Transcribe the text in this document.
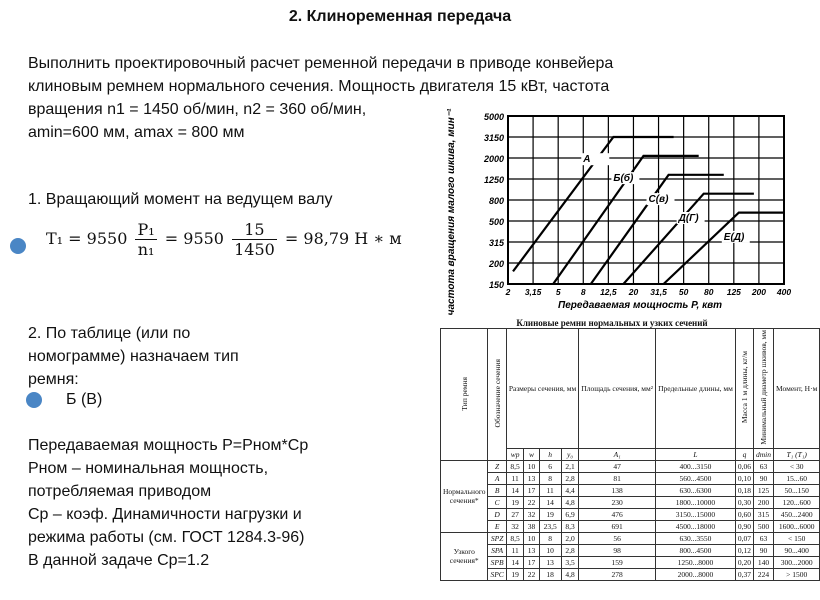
2. Клиноременная передача
Выполнить проектировочный расчет ременной передачи в приводе конвейера
клиновым ремнем нормального сечения. Мощность двигателя 15 кВт, частота
вращения n1 = 1450 об/мин, n2 = 360 об/мин,
amin=600 мм, amax = 800 мм	частота вращения малого шкива, мин⁻¹	Передаваемая мощность Р, квт
5000
3150
2000
1250
800
500
315
200
150
2 3,15 5 8 12,5 20 31,5 50 80 125 200 400
А
Б(б)
С(в)
Д(Г)
Е(Д)
1. Вращающий момент на ведущем валу
$T_1 = 9550 \frac{\text{P₁}}{\text{n₁}} = 9550 \frac{15}{1450} = 98,79$ Н ∗ м
2. По таблице (или по
номограмме) назначаем тип
ремня:
Б (В)
Передаваемая мощность Р=Рном*Ср
Рном – номинальная мощность,
потребляемая приводом
Ср – коэф. Динамичности нагрузки и
режима работы (см. ГОСТ 1284.3-96)
В данной задаче Ср=1.2
Клиновые ремни нормальных и узких сечений
Тип ремня	Обозначение сечения	Размеры сечения, мм				Площадь сечения, мм²	Предельные длины, мм	Масса 1 м длины, кг/м	Минимальный диаметр шкивов, мм	Момент, Н·м
		wp	w	h	y₀	A₁	L	q	dmin	T₁ (T₁)
Нормального сечения*	Z	8,5	10	6	2,1	47	400...3150	0,06	63	< 30
	A	11	13	8	2,8	81	560...4500	0,10	90	15...60
	B	14	17	11	4,4	138	630...6300	0,18	125	50...150
	C	19	22	14	4,8	230	1800...10000	0,30	200	120...600
	D	27	32	19	6,9	476	3150...15000	0,60	315	450...2400
	E	32	38	23,5	8,3	691	4500...18000	0,90	500	1600...6000
Узкого сечения*	SPZ	8,5	10	8	2,0	56	630...3550	0,07	63	< 150
	SPA	11	13	10	2,8	98	800...4500	0,12	90	90...400
	SPB	14	17	13	3,5	159	1250...8000	0,20	140	300...2000
	SPC	19	22	18	4,8	278	2000...8000	0,37	224	> 1500
